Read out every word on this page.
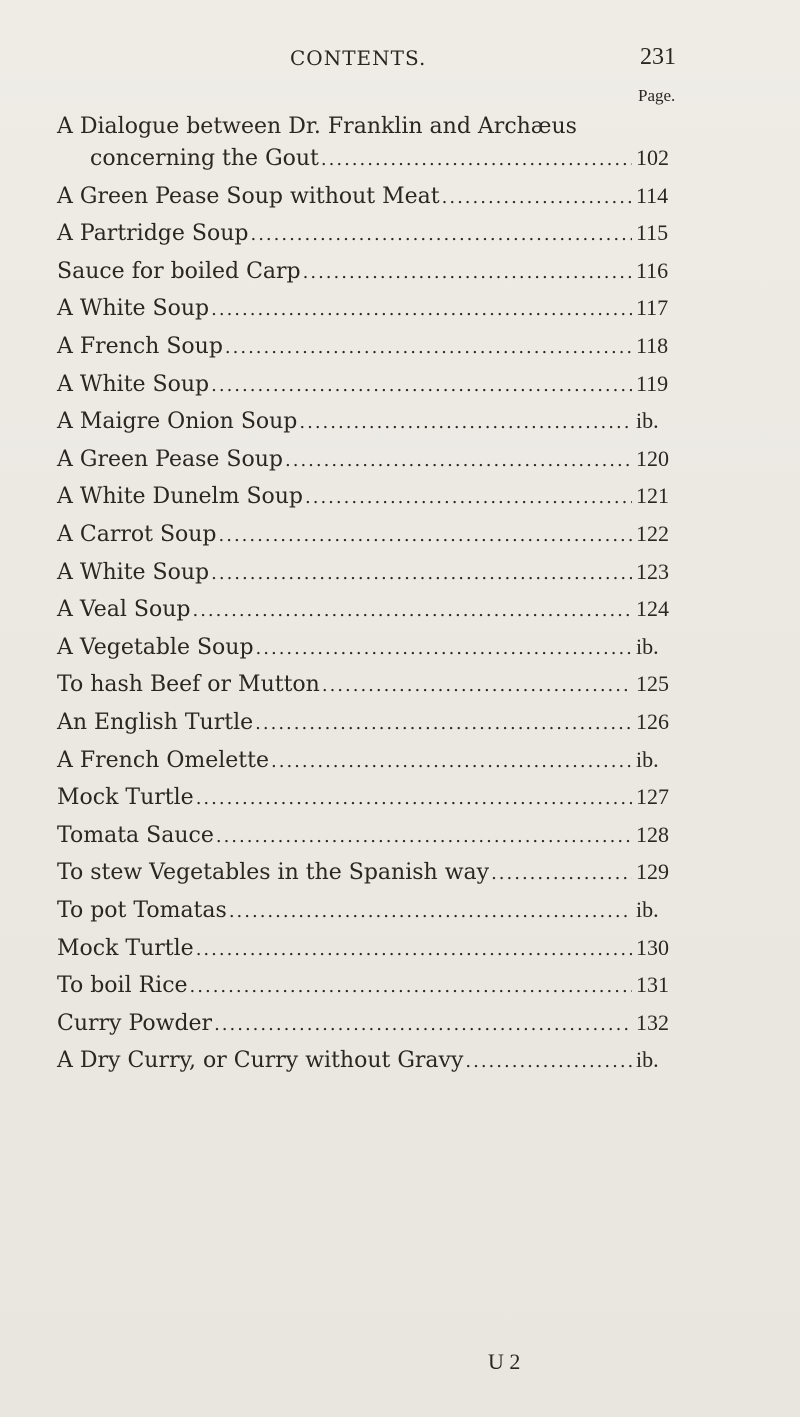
CONTENTS.	231
Page.
A Dialogue between Dr. Franklin and Archæus
concerning the Gout .....	102
A Green Pease Soup without Meat .....	114
A Partridge Soup .....	115
Sauce for boiled Carp .....	116
A White Soup .....	117
A French Soup .....	118
A White Soup .....	119
A Maigre Onion Soup .....	ib.
A Green Pease Soup .....	120
A White Dunelm Soup .....	121
A Carrot Soup .....	122
A White Soup .....	123
A Veal Soup .....	124
A Vegetable Soup .....	ib.
To hash Beef or Mutton .....	125
An English Turtle .....	126
A French Omelette .....	ib.
Mock Turtle .....	127
Tomata Sauce .....	128
To stew Vegetables in the Spanish way .....	129
To pot Tomatas .....	ib.
Mock Turtle .....	130
To boil Rice .....	131
Curry Powder .....	132
A Dry Curry, or Curry without Gravy .....	ib.
U 2
